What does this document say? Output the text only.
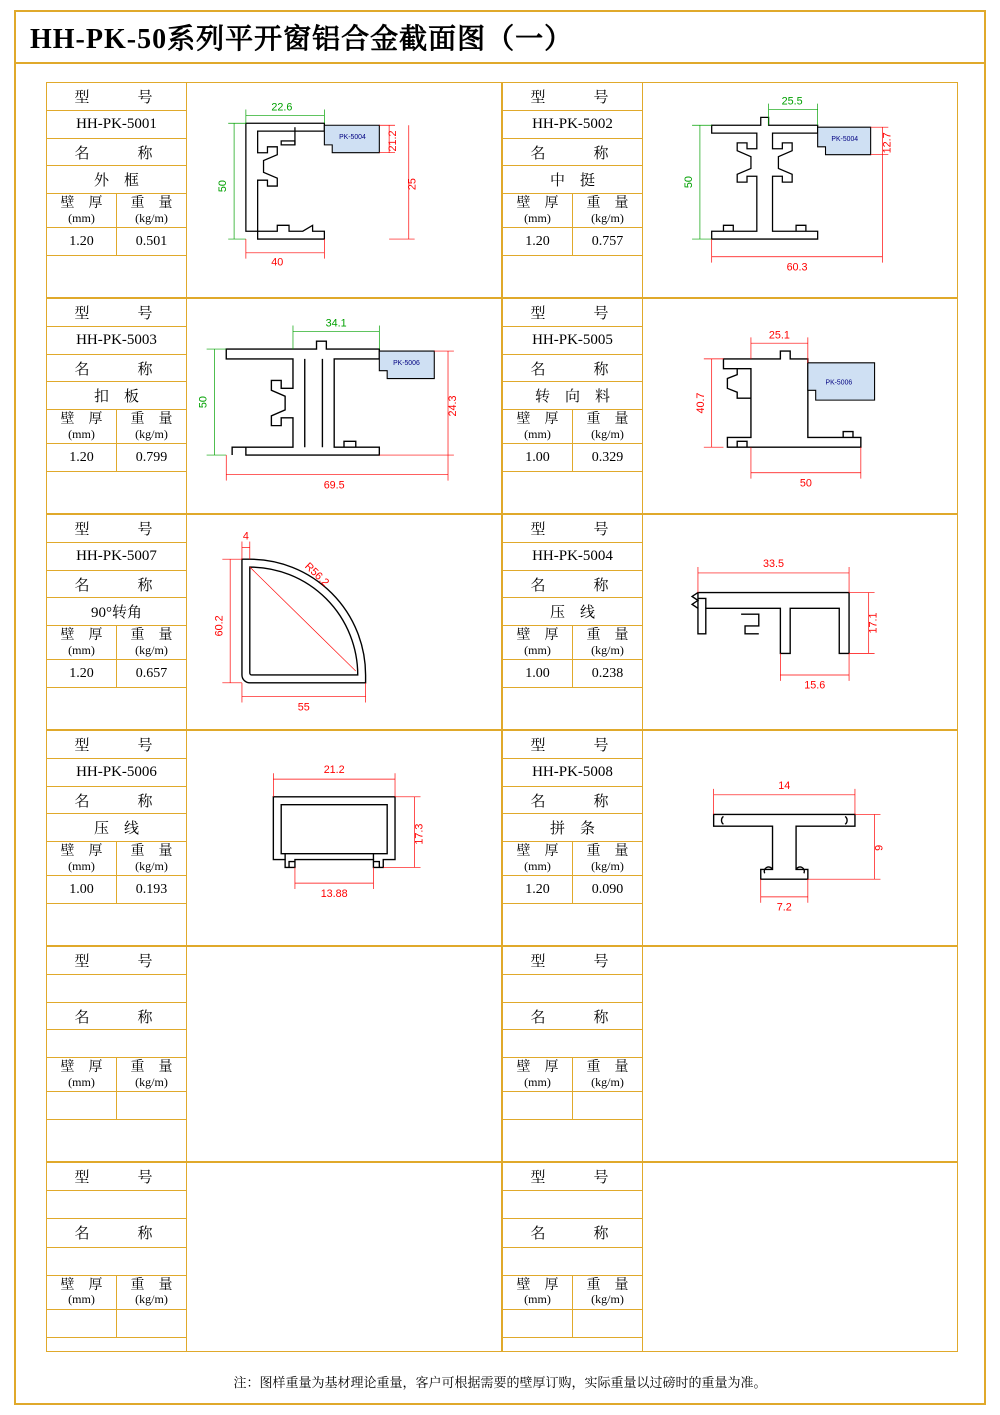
HH-PK-50系列平开窗铝合金截面图（一）
型　　号
HH-PK-5001
名　　称
外　框
壁　厚
(mm)
重　量
(kg/m)
1.20	0.501
PK-5004
22.6
50
21.2
25
40
型　　号
HH-PK-5002
名　　称
中　挺
壁　厚
(mm)
重　量
(kg/m)
1.20	0.757
PK-5004
25.5
50
12.7
60.3
型　　号
HH-PK-5003
名　　称
扣　板
壁　厚
(mm)
重　量
(kg/m)
1.20	0.799
PK-5006
34.1
50	24.3
69.5
型　　号
HH-PK-5005
名　　称
转　向　料
壁　厚
(mm)
重　量
(kg/m)
1.00	0.329
PK-5006
25.1
40.7
50
型　　号
HH-PK-5007
名　　称
90°转角
壁　厚
(mm)
重　量
(kg/m)
1.20	0.657
4
R56.2
60.2
55
型　　号
HH-PK-5004
名　　称
压　线
壁　厚
(mm)
重　量
(kg/m)
1.00	0.238
33.5
17.1
15.6
型　　号
HH-PK-5006
名　　称
压　线
壁　厚
(mm)
重　量
(kg/m)
1.00	0.193
21.2
17.3
13.88
型　　号
HH-PK-5008
名　　称
拼　条
壁　厚
(mm)
重　量
(kg/m)
1.20	0.090
14
9
7.2
型　　号
名　　称
壁　厚
(mm)
重　量
(kg/m)
型　　号
名　　称
壁　厚
(mm)
重　量
(kg/m)
型　　号
名　　称
壁　厚
(mm)
重　量
(kg/m)
型　　号
名　　称
壁　厚
(mm)
重　量
(kg/m)
注：图样重量为基材理论重量，客户可根据需要的壁厚订购，实际重量以过磅时的重量为准。
